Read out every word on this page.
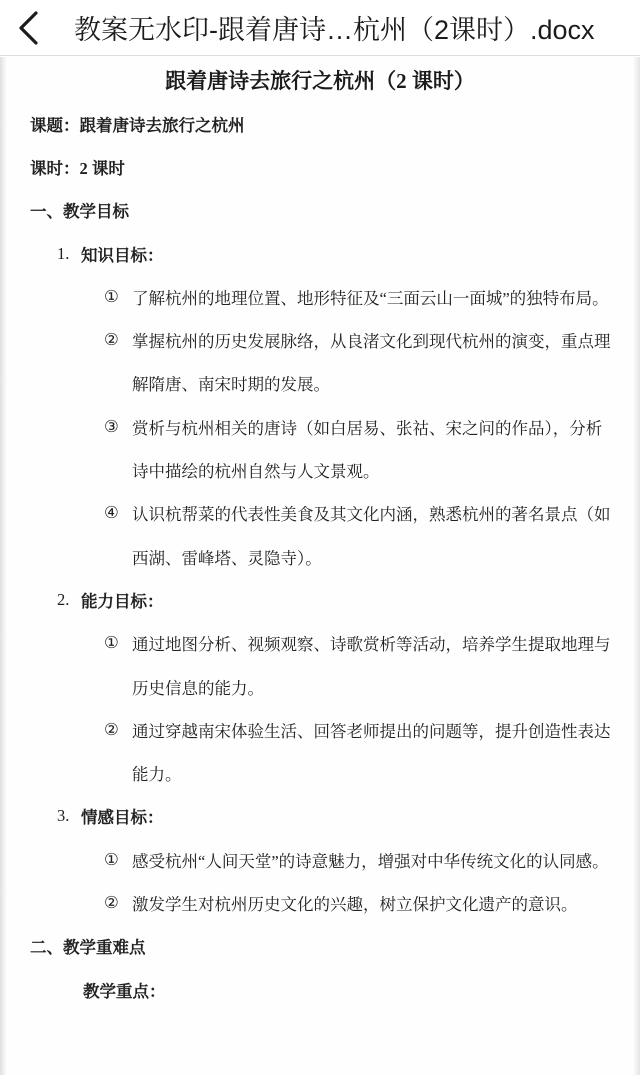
教案无水印-跟着唐诗…杭州（2课时）.docx
跟着唐诗去旅行之杭州（2 课时）
课题：跟着唐诗去旅行之杭州
课时：2 课时
一、教学目标
1. 知识目标：
① 了解杭州的地理位置、地形特征及“三面云山一面城”的独特布局。
② 掌握杭州的历史发展脉络，从良渚文化到现代杭州的演变，重点理
解隋唐、南宋时期的发展。
③ 赏析与杭州相关的唐诗（如白居易、张祜、宋之问的作品），分析
诗中描绘的杭州自然与人文景观。
④ 认识杭帮菜的代表性美食及其文化内涵，熟悉杭州的著名景点（如
西湖、雷峰塔、灵隐寺）。
2. 能力目标：
① 通过地图分析、视频观察、诗歌赏析等活动，培养学生提取地理与
历史信息的能力。
② 通过穿越南宋体验生活、回答老师提出的问题等，提升创造性表达
能力。
3. 情感目标：
① 感受杭州“人间天堂”的诗意魅力，增强对中华传统文化的认同感。
② 激发学生对杭州历史文化的兴趣，树立保护文化遗产的意识。
二、教学重难点
教学重点：
